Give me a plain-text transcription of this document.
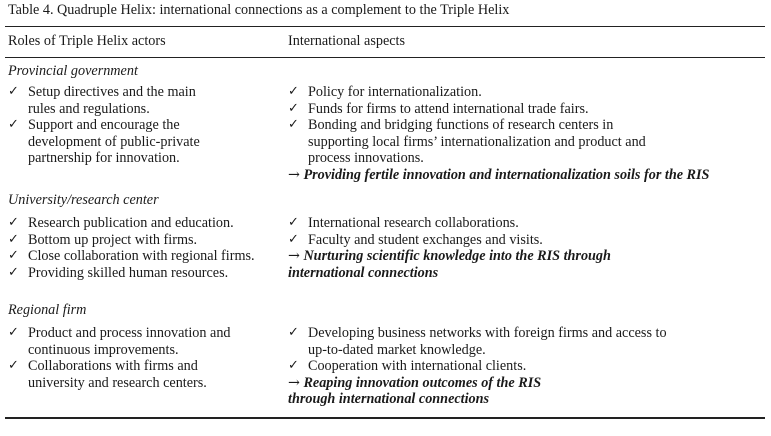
Table 4. Quadruple Helix: international connections as a complement to the Triple Helix
Roles of Triple Helix actors	International aspects
Provincial government
✓ Setup directives and the main
rules and regulations.
✓ Support and encourage the
development of public-private
partnership for innovation.
✓ Policy for internationalization.
✓ Funds for firms to attend international trade fairs.
✓ Bonding and bridging functions of research centers in
supporting local firms’ internationalization and product and
process innovations.
→ Providing fertile innovation and internationalization soils for the RIS
University/research center
✓ Research publication and education.
✓ Bottom up project with firms.
✓ Close collaboration with regional firms.
✓ Providing skilled human resources.
✓ International research collaborations.
✓ Faculty and student exchanges and visits.
→ Nurturing scientific knowledge into the RIS through
international connections
Regional firm
✓ Product and process innovation and
continuous improvements.
✓ Collaborations with firms and
university and research centers.
✓ Developing business networks with foreign firms and access to
up-to-dated market knowledge.
✓ Cooperation with international clients.
→ Reaping innovation outcomes of the RIS
through international connections
